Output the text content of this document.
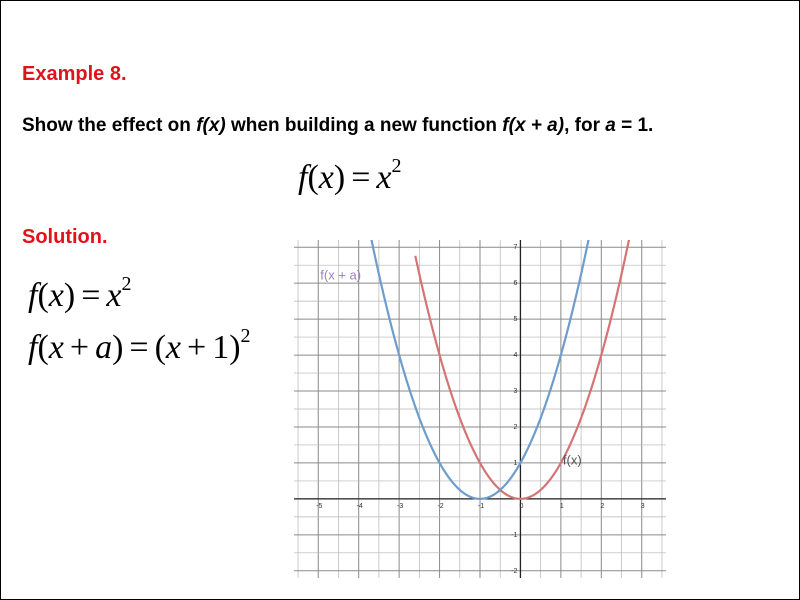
Example 8.
Show the effect on f(x) when building a new function f(x + a), for a = 1.
$f(x) = x^2$
Solution.
$f(x) = x^2$
$f(x + a) = (x + 1)^2$
-5	-4	-3	-2	-1	0	1	2	3
-2
-1
1
2
3
4
5
6
7
f(x + a)
f(x)
